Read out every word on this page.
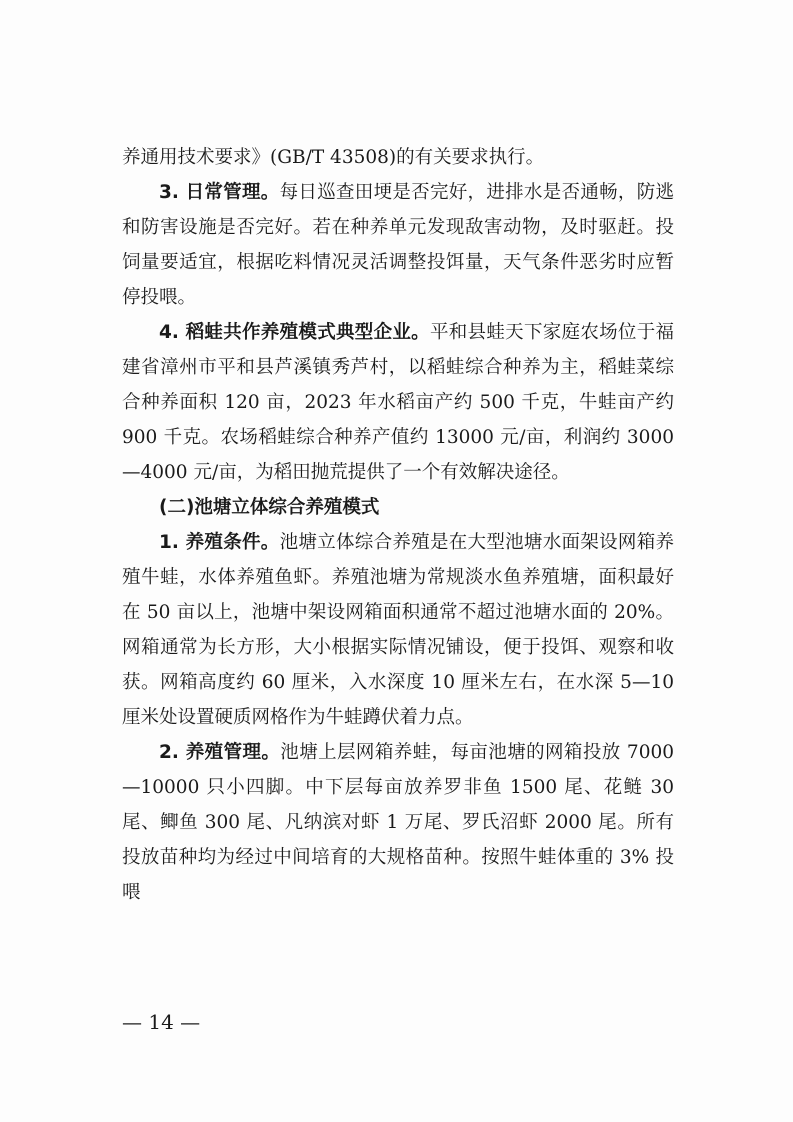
养通用技术要求》(GB/T 43508)的有关要求执行。

3. 日常管理。每日巡查田埂是否完好，进排水是否通畅，防逃和防害设施是否完好。若在种养单元发现敌害动物，及时驱赶。投饲量要适宜，根据吃料情况灵活调整投饵量，天气条件恶劣时应暂停投喂。

4. 稻蛙共作养殖模式典型企业。平和县蛙天下家庭农场位于福建省漳州市平和县芦溪镇秀芦村，以稻蛙综合种养为主，稻蛙菜综合种养面积 120 亩，2023 年水稻亩产约 500 千克，牛蛙亩产约 900 千克。农场稻蛙综合种养产值约 13000 元/亩，利润约 3000—4000 元/亩，为稻田抛荒提供了一个有效解决途径。

(二)池塘立体综合养殖模式

1. 养殖条件。池塘立体综合养殖是在大型池塘水面架设网箱养殖牛蛙，水体养殖鱼虾。养殖池塘为常规淡水鱼养殖塘，面积最好在 50 亩以上，池塘中架设网箱面积通常不超过池塘水面的 20%。网箱通常为长方形，大小根据实际情况铺设，便于投饵、观察和收获。网箱高度约 60 厘米，入水深度 10 厘米左右，在水深 5—10 厘米处设置硬质网格作为牛蛙蹲伏着力点。

2. 养殖管理。池塘上层网箱养蛙，每亩池塘的网箱投放 7000—10000 只小四脚。中下层每亩放养罗非鱼 1500 尾、花鲢 30 尾、鲫鱼 300 尾、凡纳滨对虾 1 万尾、罗氏沼虾 2000 尾。所有投放苗种均为经过中间培育的大规格苗种。按照牛蛙体重的 3% 投喂

— 14 —
